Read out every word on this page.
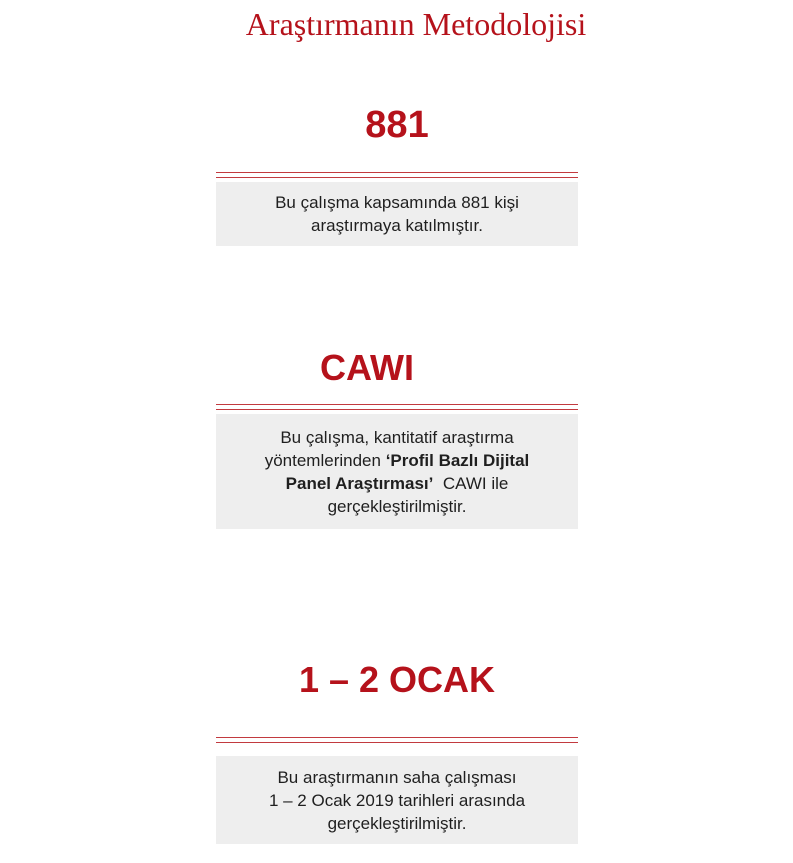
Araştırmanın Metodolojisi
881
Bu çalışma kapsamında 881 kişi
araştırmaya katılmıştır.
CAWI
Bu çalışma, kantitatif araştırma
yöntemlerinden ‘Profil Bazlı Dijital
Panel Araştırması’  CAWI ile
gerçekleştirilmiştir.
1 – 2 OCAK
Bu araştırmanın saha çalışması
1 – 2 Ocak 2019 tarihleri arasında
gerçekleştirilmiştir.
